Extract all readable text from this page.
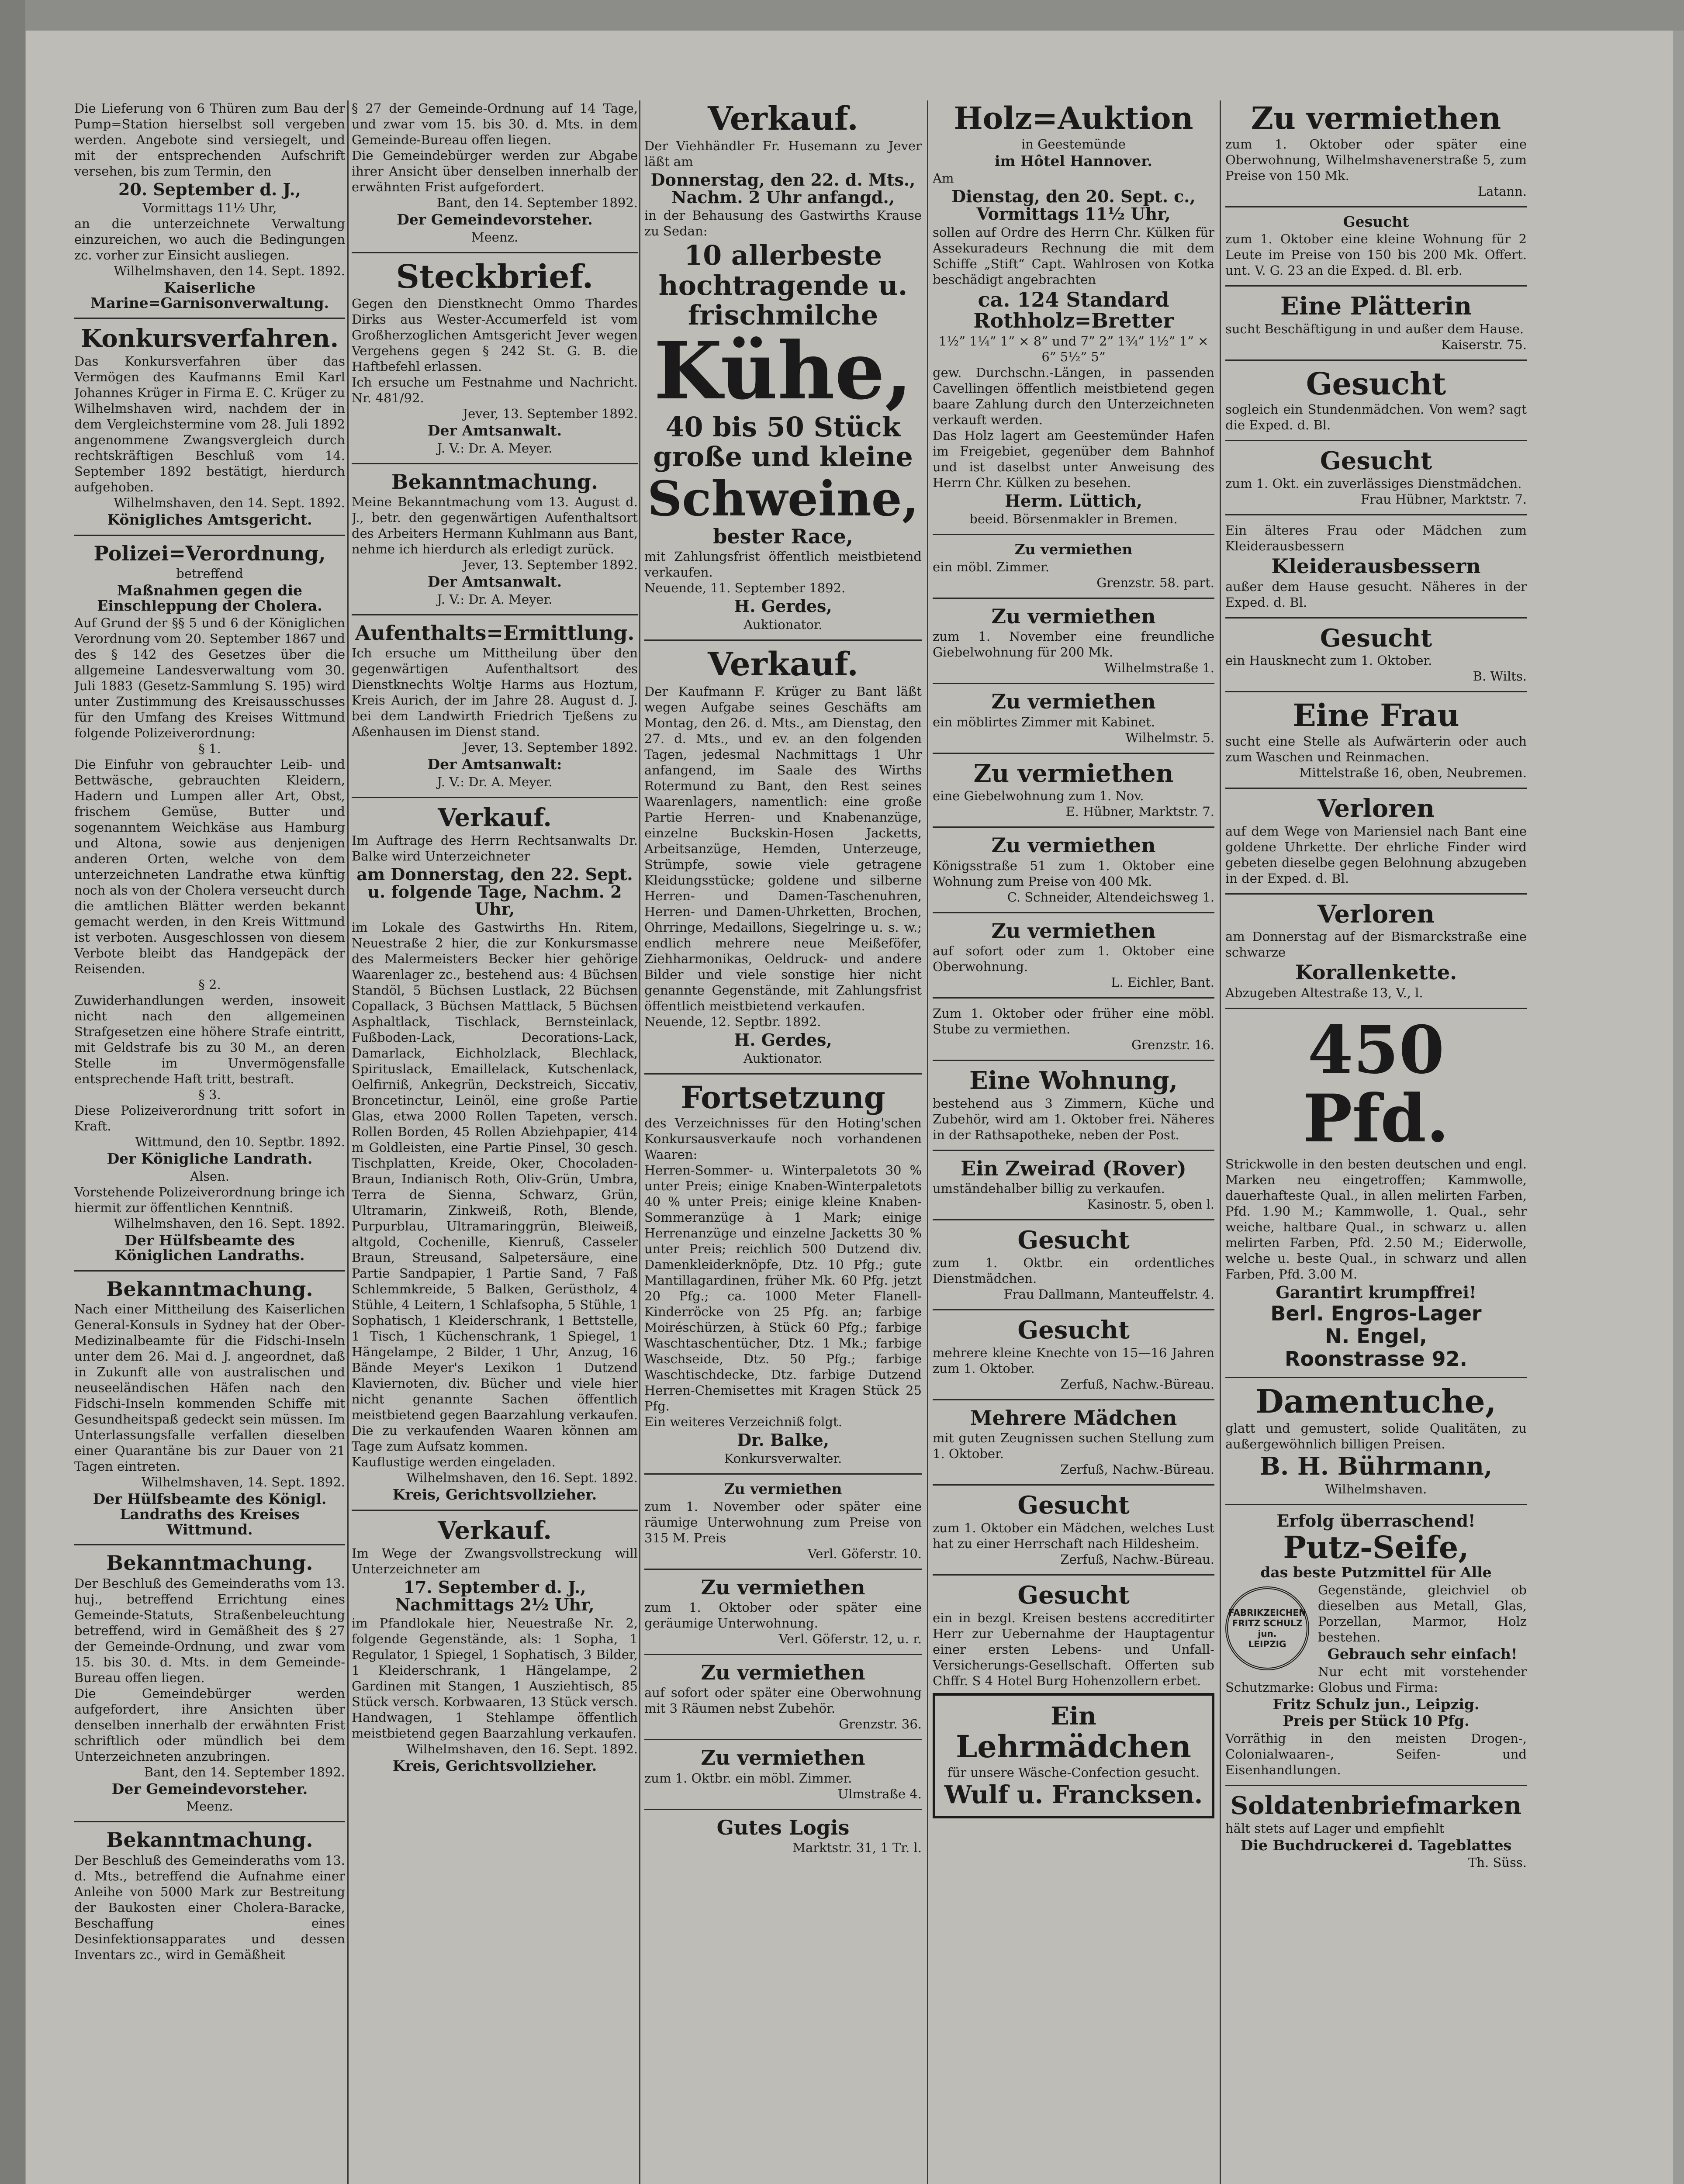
Die Lieferung von 6 Thüren zum Bau der Pump=Station hierselbst soll vergeben werden. Angebote sind versiegelt, und mit der entsprechenden Aufschrift versehen, bis zum Termin, den
20. September d. J.,
Vormittags 11½ Uhr,
an die unterzeichnete Verwaltung einzureichen, wo auch die Bedingungen zc. vorher zur Einsicht ausliegen.
Wilhelmshaven, den 14. Sept. 1892.
Kaiserliche Marine=Garnisonverwaltung.
Konkursverfahren.
Das Konkursverfahren über das Vermögen des Kaufmanns Emil Karl Johannes Krüger in Firma E. C. Krüger zu Wilhelmshaven wird, nachdem der in dem Vergleichstermine vom 28. Juli 1892 angenommene Zwangsvergleich durch rechtskräftigen Beschluß vom 14. September 1892 bestätigt, hierdurch aufgehoben.
Wilhelmshaven, den 14. Sept. 1892.
Königliches Amtsgericht.
Polizei=Verordnung,
betreffend
Maßnahmen gegen die Einschleppung der Cholera.
Auf Grund der §§ 5 und 6 der Königlichen Verordnung vom 20. September 1867 und des § 142 des Gesetzes über die allgemeine Landesverwaltung vom 30. Juli 1883 (Gesetz-Sammlung S. 195) wird unter Zustimmung des Kreisausschusses für den Umfang des Kreises Wittmund folgende Polizeiverordnung:
§ 1.
Die Einfuhr von gebrauchter Leib- und Bettwäsche, gebrauchten Kleidern, Hadern und Lumpen aller Art, Obst, frischem Gemüse, Butter und sogenanntem Weichkäse aus Hamburg und Altona, sowie aus denjenigen anderen Orten, welche von dem unterzeichneten Landrathe etwa künftig noch als von der Cholera verseucht durch die amtlichen Blätter werden bekannt gemacht werden, in den Kreis Wittmund ist verboten. Ausgeschlossen von diesem Verbote bleibt das Handgepäck der Reisenden.
§ 2.
Zuwiderhandlungen werden, insoweit nicht nach den allgemeinen Strafgesetzen eine höhere Strafe eintritt, mit Geldstrafe bis zu 30 M., an deren Stelle im Unvermögensfalle entsprechende Haft tritt, bestraft.
§ 3.
Diese Polizeiverordnung tritt sofort in Kraft.
Wittmund, den 10. Septbr. 1892.
Der Königliche Landrath.
Alsen.
Vorstehende Polizeiverordnung bringe ich hiermit zur öffentlichen Kenntniß.
Wilhelmshaven, den 16. Sept. 1892.
Der Hülfsbeamte des Königlichen Landraths.
Bekanntmachung.
Nach einer Mittheilung des Kaiserlichen General-Konsuls in Sydney hat der Ober-Medizinalbeamte für die Fidschi-Inseln unter dem 26. Mai d. J. angeordnet, daß in Zukunft alle von australischen und neuseeländischen Häfen nach den Fidschi-Inseln kommenden Schiffe mit Gesundheitspaß gedeckt sein müssen. Im Unterlassungsfalle verfallen dieselben einer Quarantäne bis zur Dauer von 21 Tagen eintreten.
Wilhelmshaven, 14. Sept. 1892.
Der Hülfsbeamte des Königl. Landraths des Kreises Wittmund.
Bekanntmachung.
Der Beschluß des Gemeinderaths vom 13. huj., betreffend Errichtung eines Gemeinde-Statuts, Straßenbeleuchtung betreffend, wird in Gemäßheit des § 27 der Gemeinde-Ordnung, und zwar vom 15. bis 30. d. Mts. in dem Gemeinde-Bureau offen liegen.
Die Gemeindebürger werden aufgefordert, ihre Ansichten über denselben innerhalb der erwähnten Frist schriftlich oder mündlich bei dem Unterzeichneten anzubringen.
Bant, den 14. September 1892.
Der Gemeindevorsteher.
Meenz.
Bekanntmachung.
Der Beschluß des Gemeinderaths vom 13. d. Mts., betreffend die Aufnahme einer Anleihe von 5000 Mark zur Bestreitung der Baukosten einer Cholera-Baracke, Beschaffung eines Desinfektionsapparates und dessen Inventars zc., wird in Gemäßheit
§ 27 der Gemeinde-Ordnung auf 14 Tage, und zwar vom 15. bis 30. d. Mts. in dem Gemeinde-Bureau offen liegen.
Die Gemeindebürger werden zur Abgabe ihrer Ansicht über denselben innerhalb der erwähnten Frist aufgefordert.
Bant, den 14. September 1892.
Der Gemeindevorsteher.
Meenz.
Steckbrief.
Gegen den Dienstknecht Ommo Thardes Dirks aus Wester-Accumerfeld ist vom Großherzoglichen Amtsgericht Jever wegen Vergehens gegen § 242 St. G. B. die Haftbefehl erlassen.
Ich ersuche um Festnahme und Nachricht. Nr. 481/92.
Jever, 13. September 1892.
Der Amtsanwalt.
J. V.: Dr. A. Meyer.
Bekanntmachung.
Meine Bekanntmachung vom 13. August d. J., betr. den gegenwärtigen Aufenthaltsort des Arbeiters Hermann Kuhlmann aus Bant, nehme ich hierdurch als erledigt zurück.
Jever, 13. September 1892.
Der Amtsanwalt.
J. V.: Dr. A. Meyer.
Aufenthalts=Ermittlung.
Ich ersuche um Mittheilung über den gegenwärtigen Aufenthaltsort des Dienstknechts Woltje Harms aus Hoztum, Kreis Aurich, der im Jahre 28. August d. J. bei dem Landwirth Friedrich Tjeßens zu Aßenhausen im Dienst stand.
Jever, 13. September 1892.
Der Amtsanwalt:
J. V.: Dr. A. Meyer.
Verkauf.
Im Auftrage des Herrn Rechtsanwalts Dr. Balke wird Unterzeichneter
am Donnerstag, den 22. Sept. u. folgende Tage, Nachm. 2 Uhr,
im Lokale des Gastwirths Hn. Ritem, Neuestraße 2 hier, die zur Konkursmasse des Malermeisters Becker hier gehörige Waarenlager zc., bestehend aus: 4 Büchsen Standöl, 5 Büchsen Lustlack, 22 Büchsen Copallack, 3 Büchsen Mattlack, 5 Büchsen Asphaltlack, Tischlack, Bernsteinlack, Fußboden-Lack, Decorations-Lack, Damarlack, Eichholzlack, Blechlack, Spirituslack, Emaillelack, Kutschenlack, Oelfirniß, Ankegrün, Deckstreich, Siccativ, Broncetinctur, Leinöl, eine große Partie Glas, etwa 2000 Rollen Tapeten, versch. Rollen Borden, 45 Rollen Abziehpapier, 414 m Goldleisten, eine Partie Pinsel, 30 gesch. Tischplatten, Kreide, Oker, Chocoladen-Braun, Indianisch Roth, Oliv-Grün, Umbra, Terra de Sienna, Schwarz, Grün, Ultramarin, Zinkweiß, Roth, Blende, Purpurblau, Ultramaringgrün, Bleiweiß, altgold, Cochenille, Kienruß, Casseler Braun, Streusand, Salpetersäure, eine Partie Sandpapier, 1 Partie Sand, 7 Faß Schlemmkreide, 5 Balken, Gerüstholz, 4 Stühle, 4 Leitern, 1 Schlafsopha, 5 Stühle, 1 Sophatisch, 1 Kleiderschrank, 1 Bettstelle, 1 Tisch, 1 Küchenschrank, 1 Spiegel, 1 Hängelampe, 2 Bilder, 1 Uhr, Anzug, 16 Bände Meyer's Lexikon 1 Dutzend Klaviernoten, div. Bücher und viele hier nicht genannte Sachen öffentlich meistbietend gegen Baarzahlung verkaufen. Die zu verkaufenden Waaren können am Tage zum Aufsatz kommen.
Kauflustige werden eingeladen.
Wilhelmshaven, den 16. Sept. 1892.
Kreis, Gerichtsvollzieher.
Verkauf.
Im Wege der Zwangsvollstreckung will Unterzeichneter am
17. September d. J., Nachmittags 2½ Uhr,
im Pfandlokale hier, Neuestraße Nr. 2, folgende Gegenstände, als: 1 Sopha, 1 Regulator, 1 Spiegel, 1 Sophatisch, 3 Bilder, 1 Kleiderschrank, 1 Hängelampe, 2 Gardinen mit Stangen, 1 Ausziehtisch, 85 Stück versch. Korbwaaren, 13 Stück versch. Handwagen, 1 Stehlampe öffentlich meistbietend gegen Baarzahlung verkaufen.
Wilhelmshaven, den 16. Sept. 1892.
Kreis, Gerichtsvollzieher.
Verkauf.
Der Viehhändler Fr. Husemann zu Jever läßt am
Donnerstag, den 22. d. Mts., Nachm. 2 Uhr anfangd.,
in der Behausung des Gastwirths Krause zu Sedan:
10 allerbeste hochtragende u. frischmilche
Kühe,
40 bis 50 Stück große und kleine
Schweine,
bester Race,
mit Zahlungsfrist öffentlich meistbietend verkaufen.
Neuende, 11. September 1892.
H. Gerdes,
Auktionator.
Verkauf.
Der Kaufmann F. Krüger zu Bant läßt wegen Aufgabe seines Geschäfts am Montag, den 26. d. Mts., am Dienstag, den 27. d. Mts., und ev. an den folgenden Tagen, jedesmal Nachmittags 1 Uhr anfangend, im Saale des Wirths Rotermund zu Bant, den Rest seines Waarenlagers, namentlich: eine große Partie Herren- und Knabenanzüge, einzelne Buckskin-Hosen Jacketts, Arbeitsanzüge, Hemden, Unterzeuge, Strümpfe, sowie viele getragene Kleidungsstücke; goldene und silberne Herren- und Damen-Taschenuhren, Herren- und Damen-Uhrketten, Brochen, Ohrringe, Medaillons, Siegelringe u. s. w.; endlich mehrere neue Meißeföfer, Ziehharmonikas, Oeldruck- und andere Bilder und viele sonstige hier nicht genannte Gegenstände, mit Zahlungsfrist öffentlich meistbietend verkaufen.
Neuende, 12. Septbr. 1892.
H. Gerdes,
Auktionator.
Fortsetzung
des Verzeichnisses für den Hoting'schen Konkursausverkaufe noch vorhandenen Waaren:
Herren-Sommer- u. Winterpaletots 30 % unter Preis; einige Knaben-Winterpaletots 40 % unter Preis; einige kleine Knaben-Sommeranzüge à 1 Mark; einige Herrenanzüge und einzelne Jacketts 30 % unter Preis; reichlich 500 Dutzend div. Damenkleiderknöpfe, Dtz. 10 Pfg.; gute Mantillagardinen, früher Mk. 60 Pfg. jetzt 20 Pfg.; ca. 1000 Meter Flanell-Kinderröcke von 25 Pfg. an; farbige Moiréschürzen, à Stück 60 Pfg.; farbige Waschtaschentücher, Dtz. 1 Mk.; farbige Waschseide, Dtz. 50 Pfg.; farbige Waschtischdecke, Dtz. farbige Dutzend Herren-Chemisettes mit Kragen Stück 25 Pfg.
Ein weiteres Verzeichniß folgt.
Dr. Balke,
Konkursverwalter.
Zu vermiethen
zum 1. November oder später eine räumige Unterwohnung zum Preise von 315 M. Preis
Verl. Göferstr. 10.
Zu vermiethen
zum 1. Oktober oder später eine geräumige Unterwohnung.
Verl. Göferstr. 12, u. r.
Zu vermiethen
auf sofort oder später eine Oberwohnung mit 3 Räumen nebst Zubehör.
Grenzstr. 36.
Zu vermiethen
zum 1. Oktbr. ein möbl. Zimmer.
Ulmstraße 4.
Gutes Logis
Marktstr. 31, 1 Tr. l.
Holz=Auktion
in Geestemünde
im Hôtel Hannover.
Am
Dienstag, den 20. Sept. c., Vormittags 11½ Uhr,
sollen auf Ordre des Herrn Chr. Külken für Assekuradeurs Rechnung die mit dem Schiffe „Stift“ Capt. Wahlrosen von Kotka beschädigt angebrachten
ca. 124 Standard Rothholz=Bretter
1½” 1¼” 1” × 8” und 7” 2” 1¾” 1½” 1” × 6” 5½” 5”
gew. Durchschn.-Längen, in passenden Cavellingen öffentlich meistbietend gegen baare Zahlung durch den Unterzeichneten verkauft werden.
Das Holz lagert am Geestemünder Hafen im Freigebiet, gegenüber dem Bahnhof und ist daselbst unter Anweisung des Herrn Chr. Külken zu besehen.
Herm. Lüttich,
beeid. Börsenmakler in Bremen.
Zu vermiethen
ein möbl. Zimmer.
Grenzstr. 58. part.
Zu vermiethen
zum 1. November eine freundliche Giebelwohnung für 200 Mk.
Wilhelmstraße 1.
Zu vermiethen
ein möblirtes Zimmer mit Kabinet.
Wilhelmstr. 5.
Zu vermiethen
eine Giebelwohnung zum 1. Nov.
E. Hübner, Marktstr. 7.
Zu vermiethen
Königsstraße 51 zum 1. Oktober eine Wohnung zum Preise von 400 Mk.
C. Schneider, Altendeichsweg 1.
Zu vermiethen
auf sofort oder zum 1. Oktober eine Oberwohnung.
L. Eichler, Bant.
Zum 1. Oktober oder früher eine möbl. Stube zu vermiethen.
Grenzstr. 16.
Eine Wohnung,
bestehend aus 3 Zimmern, Küche und Zubehör, wird am 1. Oktober frei. Näheres in der Rathsapotheke, neben der Post.
Ein Zweirad (Rover)
umständehalber billig zu verkaufen.
Kasinostr. 5, oben l.
Gesucht
zum 1. Oktbr. ein ordentliches Dienstmädchen.
Frau Dallmann, Manteuffelstr. 4.
Gesucht
mehrere kleine Knechte von 15—16 Jahren zum 1. Oktober.
Zerfuß, Nachw.-Büreau.
Mehrere Mädchen
mit guten Zeugnissen suchen Stellung zum 1. Oktober.
Zerfuß, Nachw.-Büreau.
Gesucht
zum 1. Oktober ein Mädchen, welches Lust hat zu einer Herrschaft nach Hildesheim.
Zerfuß, Nachw.-Büreau.
Gesucht
ein in bezgl. Kreisen bestens accreditirter Herr zur Uebernahme der Hauptagentur einer ersten Lebens- und Unfall-Versicherungs-Gesellschaft. Offerten sub Chffr. S 4 Hotel Burg Hohenzollern erbet.
Ein
Lehrmädchen
für unsere Wäsche-Confection gesucht.
Wulf u. Francksen.
Zu vermiethen
zum 1. Oktober oder später eine Oberwohnung, Wilhelmshavenerstraße 5, zum Preise von 150 Mk.
Latann.
Gesucht
zum 1. Oktober eine kleine Wohnung für 2 Leute im Preise von 150 bis 200 Mk. Offert. unt. V. G. 23 an die Exped. d. Bl. erb.
Eine Plätterin
sucht Beschäftigung in und außer dem Hause.
Kaiserstr. 75.
Gesucht
sogleich ein Stundenmädchen. Von wem? sagt die Exped. d. Bl.
Gesucht
zum 1. Okt. ein zuverlässiges Dienstmädchen.
Frau Hübner, Marktstr. 7.
Ein älteres Frau oder Mädchen zum Kleiderausbessern
Kleiderausbessern
außer dem Hause gesucht. Näheres in der Exped. d. Bl.
Gesucht
ein Hausknecht zum 1. Oktober.
B. Wilts.
Eine Frau
sucht eine Stelle als Aufwärterin oder auch zum Waschen und Reinmachen.
Mittelstraße 16, oben, Neubremen.
Verloren
auf dem Wege von Mariensiel nach Bant eine goldene Uhrkette. Der ehrliche Finder wird gebeten dieselbe gegen Belohnung abzugeben in der Exped. d. Bl.
Verloren
am Donnerstag auf der Bismarckstraße eine schwarze
Korallenkette.
Abzugeben Altestraße 13, V., l.
450 Pfd.
Strickwolle in den besten deutschen und engl. Marken neu eingetroffen; Kammwolle, dauerhafteste Qual., in allen melirten Farben, Pfd. 1.90 M.; Kammwolle, 1. Qual., sehr weiche, haltbare Qual., in schwarz u. allen melirten Farben, Pfd. 2.50 M.; Eiderwolle, welche u. beste Qual., in schwarz und allen Farben, Pfd. 3.00 M.
Garantirt krumpffrei!
Berl. Engros-Lager
N. Engel,
Roonstrasse 92.
Damentuche,
glatt und gemustert, solide Qualitäten, zu außergewöhnlich billigen Preisen.
B. H. Bührmann,
Wilhelmshaven.
Erfolg überraschend!
Putz-Seife,
das beste Putzmittel für Alle
FABRIKZEICHEN
FRITZ SCHULZ jun.
LEIPZIG
Gegenstände, gleichviel ob dieselben aus Metall, Glas, Porzellan, Marmor, Holz bestehen.
Gebrauch sehr einfach!
Nur echt mit vorstehender Schutzmarke: Globus und Firma:
Fritz Schulz jun., Leipzig.
Preis per Stück 10 Pfg.
Vorräthig in den meisten Drogen-, Colonialwaaren-, Seifen- und Eisenhandlungen.
Soldatenbriefmarken
hält stets auf Lager und empfiehlt
Die Buchdruckerei d. Tageblattes
Th. Süss.
